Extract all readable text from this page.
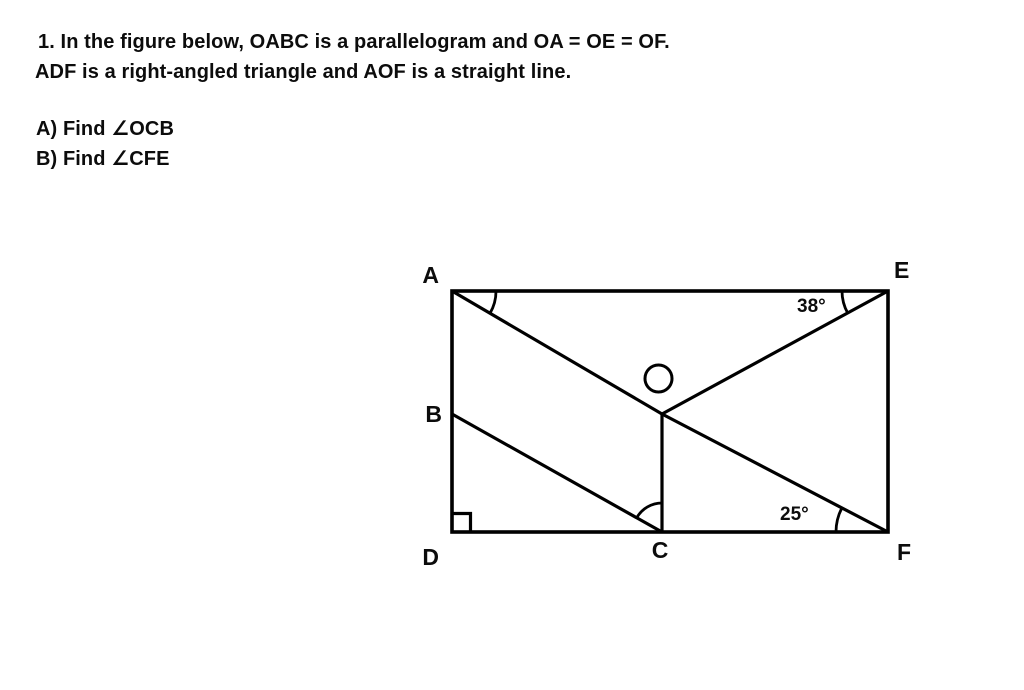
1. In the figure below, OABC is a parallelogram and OA = OE = OF.

ADF is a right-angled triangle and AOF is a straight line.

A) Find ∠OCB

B) Find ∠CFE

A	E
B
D	C	F
38°
25°
